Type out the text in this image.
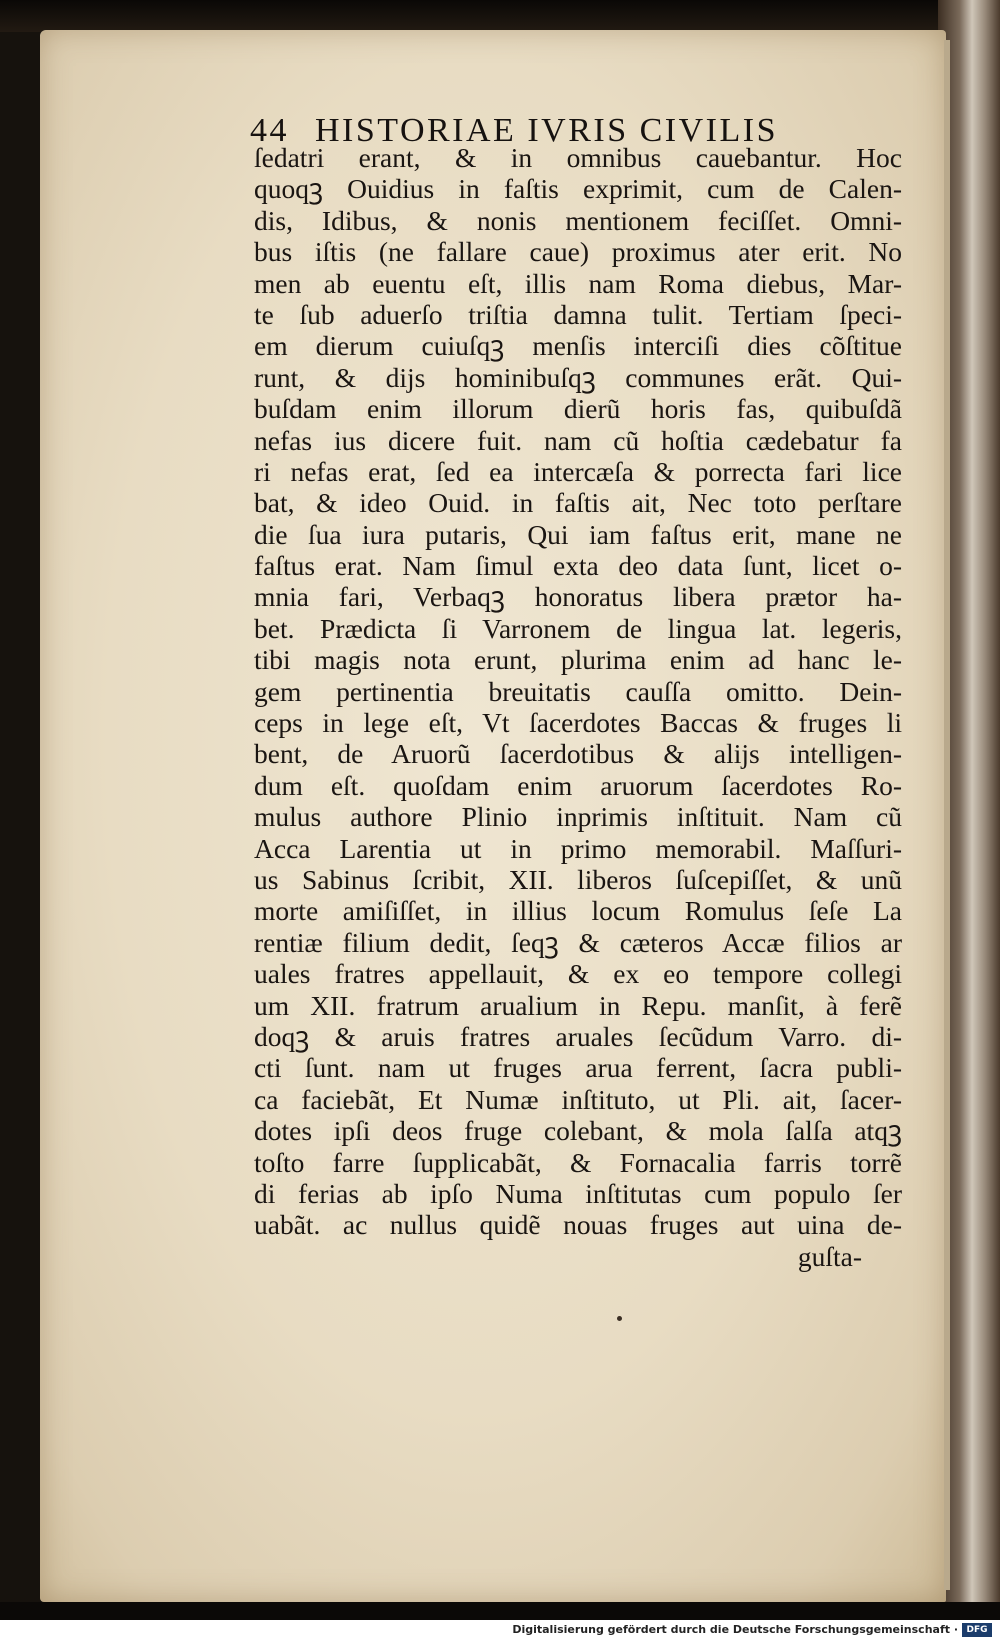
44 HISTORIAE IVRIS CIVILIS
ſedatri erant, & in omnibus cauebantur. Hoc
quoqꝫ Ouidius in faſtis exprimit, cum de Calen-
dis, Idibus, & nonis mentionem feciſſet. Omni-
bus iſtis (ne fallare caue) proximus ater erit. No
men ab euentu eſt, illis nam Roma diebus, Mar-
te ſub aduerſo triſtia damna tulit. Tertiam ſpeci-
em dierum cuiuſqꝫ menſis interciſi dies cõſtitue
runt, & dijs hominibuſqꝫ communes erãt. Qui-
buſdam enim illorum dierũ horis fas, quibuſdã
nefas ius dicere fuit. nam cũ hoſtia cædebatur fa
ri nefas erat, ſed ea intercæſa & porrecta fari lice
bat, & ideo Ouid. in faſtis ait, Nec toto perſtare
die ſua iura putaris, Qui iam faſtus erit, mane ne
faſtus erat. Nam ſimul exta deo data ſunt, licet o-
mnia fari, Verbaqꝫ honoratus libera prætor ha-
bet. Prædicta ſi Varronem de lingua lat. legeris,
tibi magis nota erunt, plurima enim ad hanc le-
gem pertinentia breuitatis cauſſa omitto. Dein-
ceps in lege eſt, Vt ſacerdotes Baccas & fruges li
bent, de Aruorũ ſacerdotibus & alijs intelligen-
dum eſt. quoſdam enim aruorum ſacerdotes Ro-
mulus authore Plinio inprimis inſtituit. Nam cũ
Acca Larentia ut in primo memorabil. Maſſuri-
us Sabinus ſcribit, XII. liberos ſuſcepiſſet, & unũ
morte amiſiſſet, in illius locum Romulus ſeſe La
rentiæ filium dedit, ſeqꝫ & cæteros Accæ filios ar
uales fratres appellauit, & ex eo tempore collegi
um XII. fratrum arualium in Repu. manſit, à ferẽ
doqꝫ & aruis fratres aruales ſecũdum Varro. di-
cti ſunt. nam ut fruges arua ferrent, ſacra publi-
ca faciebãt, Et Numæ inſtituto, ut Pli. ait, ſacer-
dotes ipſi deos fruge colebant, & mola ſalſa atqꝫ
toſto farre ſupplicabãt, & Fornacalia farris torrẽ
di ferias ab ipſo Numa inſtitutas cum populo ſer
uabãt. ac nullus quidẽ nouas fruges aut uina de-
guſta-
Digitalisierung gefördert durch die Deutsche Forschungsgemeinschaft · DFG
